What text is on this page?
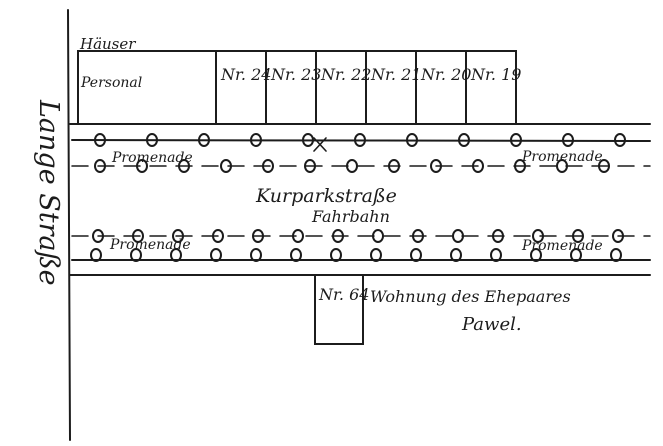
Lange Straße
Häuser
Personal	Nr. 24 Nr. 23 Nr. 22 Nr. 21 Nr. 20 Nr. 19
Promenade	Promenade
Promenade	Promenade
Kurparkstraße
Fahrbahn
Nr. 64 Wohnung des Ehepaares
Pawel.
